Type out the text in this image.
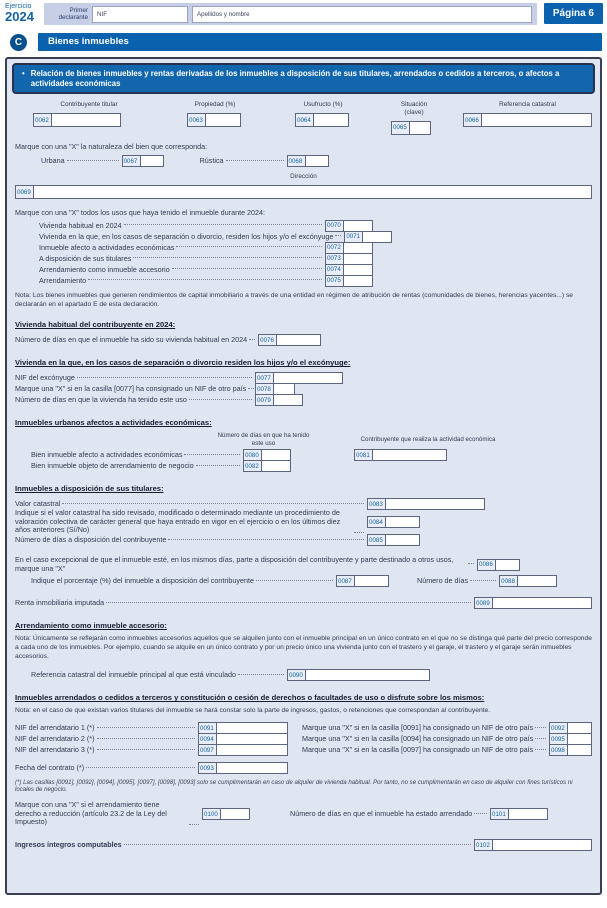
Ejercicio
2024	Primer declarante NIF	Apellidos y nombre	Página 6
C	Bienes inmuebles
• Relación de bienes inmuebles y rentas derivadas de los inmuebles a disposición de sus titulares, arrendados o cedidos a terceros, o afectos a actividades económicas
Contribuyente titular
0062
Propiedad (%)
0063
Usufructo (%)
0064
Situación (clave)
0065
Referencia catastral
0066
Marque con una "X" la naturaleza del bien que corresponda:
Urbana	0067	Rústica	0068
Dirección
0069
Marque con una "X" todos los usos que haya tenido el inmueble durante 2024:
Vivienda habitual en 2024	0070
Vivienda en la que, en los casos de separación o divorcio, residen los hijos y/o el excónyuge	0071
Inmueble afecto a actividades económicas	0072
A disposición de sus titulares	0073
Arrendamiento como inmueble accesorio	0074
Arrendamiento	0075
Nota: Los bienes inmuebles que generen rendimientos de capital inmobiliario a través de una entidad en régimen de atribución de rentas (comunidades de bienes, herencias yacentes...) se declararán en el apartado E de esta declaración.
Vivienda habitual del contribuyente en 2024:
Número de días en que el inmueble ha sido su vivienda habitual en 2024	0076
Vivienda en la que, en los casos de separación o divorcio residen los hijos y/o el excónyuge:
NIF del excónyuge	0077
Marque una "X" si en la casilla [0077] ha consignado un NIF de otro país	0078
Número de días en que la vivienda ha tenido este uso	0079
Inmuebles urbanos afectos a actividades económicas:
Número de días en que ha tenido este uso
Contribuyente que realiza la actividad económica
Bien inmueble afecto a actividades económicas	0080	0081
Bien inmueble objeto de arrendamiento de negocio	0082
Inmuebles a disposición de sus titulares:
Valor catastral	0083
Indique si el valor catastral ha sido revisado, modificado o determinado mediante un procedimiento de valoración colectiva de carácter general que haya entrado en vigor en el ejercicio o en los últimos diez años anteriores (Sí/No)
0084
Número de días a disposición del contribuyente	0085
En el caso excepcional de que el inmueble esté, en los mismos días, parte a disposición del contribuyente y parte destinado a otros usos, marque una "X"	0086
Indique el porcentaje (%) del inmueble a disposición del contribuyente	0087	Número de días	0088
Renta inmobiliaria imputada	0089
Arrendamiento como inmueble accesorio:
Nota: Únicamente se reflejarán como inmuebles accesorios aquellos que se alquilen junto con el inmueble principal en un único contrato en el que no se distinga qué parte del precio corresponde a cada uno de los inmuebles. Por ejemplo, cuando se alquile en un único contrato y por un precio único una vivienda junto con el trastero y el garaje, el trastero y el garaje serán inmuebles accesorios.
Referencia catastral del inmueble principal al que está vinculado	0090
Inmuebles arrendados o cedidos a terceros y constitución o cesión de derechos o facultades de uso o disfrute sobre los mismos:
Nota: en el caso de que existan varios titulares del inmueble se hará constar solo la parte de ingresos, gastos, o retenciones que correspondan al contribuyente.
NIF del arrendatario 1 (*)	0091	Marque una "X" si en la casilla [0091] ha consignado un NIF de otro país	0092
NIF del arrendatario 2 (*)	0094	Marque una "X" si en la casilla [0094] ha consignado un NIF de otro país	0095
NIF del arrendatario 3 (*)	0097	Marque una "X" si en la casilla [0097] ha consignado un NIF de otro país	0098
Fecha del contrato (*)	0093
(*) Las casillas [0091], [0092], [0094], [0095], [0097], [0098], [0093] solo se cumplimentarán en caso de alquiler de vivienda habitual. Por tanto, no se cumplimentarán en caso de alquiler con fines turísticos ni locales de negocio.
Marque con una "X" si el arrendamiento tiene derecho a reducción (artículo 23.2 de la Ley del Impuesto)
0100	Número de días en que el inmueble ha estado arrendado	0101
Ingresos íntegros computables	0102
